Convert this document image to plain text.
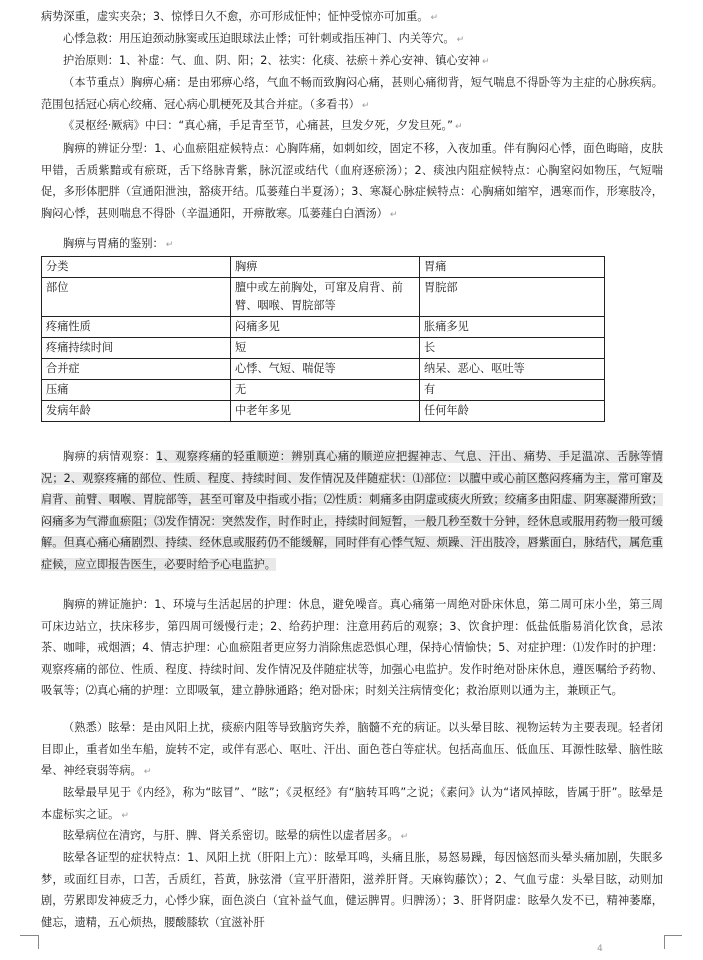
病势深重，虚实夹杂；3、惊悸日久不愈，亦可形成怔忡；怔忡受惊亦可加重。 ↵

心悸急救：用压迫颈动脉窦或压迫眼球法止悸；可针刺或指压神门、内关等穴。 ↵

护治原则：1、补虚：气、血、阴、阳；2、祛实：化痰、祛瘀＋养心安神、镇心安神 ↵

（本节重点）胸痹心痛：是由邪痹心络，气血不畅而致胸闷心痛，甚则心痛彻背，短气喘息不得卧等为主症的心脉疾病。范围包括冠心病心绞痛、冠心病心肌梗死及其合并症。（多看书） ↵

《灵枢经·厥病》中曰：“真心痛，手足青至节，心痛甚，旦发夕死，夕发旦死。” ↵

胸痹的辨证分型：1、心血瘀阻症候特点：心胸阵痛，如刺如绞，固定不移，入夜加重。伴有胸闷心悸，面色晦暗，皮肤甲错，舌质紫黯或有瘀斑，舌下络脉青紫，脉沉涩或结代（血府逐瘀汤）；2、痰浊内阻症候特点：心胸窒闷如物压，气短喘促，多形体肥胖（宣通阳泄浊，豁痰开结。瓜蒌薤白半夏汤）；3、寒凝心脉症候特点：心胸痛如缩窄，遇寒而作，形寒肢冷，胸闷心悸，甚则喘息不得卧（辛温通阳，开痹散寒。瓜蒌薤白白酒汤） ↵

胸痹与胃痛的鉴别： ↵

分类	胸痹	胃痛
部位	膻中或左前胸处，可窜及肩背、前臂、咽喉、胃脘部等	胃脘部
疼痛性质	闷痛多见	胀痛多见
疼痛持续时间	短	长
合并症	心悸、气短、喘促等	纳呆、恶心、呕吐等
压痛	无	有
发病年龄	中老年多见	任何年龄

胸痹的病情观察：1、观察疼痛的轻重顺逆：辨别真心痛的顺逆应把握神志、气息、汗出、痛势、手足温凉、舌脉等情况；2、观察疼痛的部位、性质、程度、持续时间、发作情况及伴随症状：⑴部位：以膻中或心前区憋闷疼痛为主，常可窜及肩背、前臂、咽喉、胃脘部等，甚至可窜及中指或小指；⑵性质：刺痛多由阴虚或痰火所致；绞痛多由阳虚、阴寒凝滞所致；闷痛多为气滞血瘀阻；⑶发作情况：突然发作，时作时止，持续时间短暂，一般几秒至数十分钟，经休息或服用药物一般可缓解。但真心痛心痛剧烈、持续、经休息或服药仍不能缓解，同时伴有心悸气短、烦躁、汗出肢冷，唇紫面白，脉结代，属危重症候，应立即报告医生，必要时给予心电监护。

胸痹的辨证施护：1、环境与生活起居的护理：休息，避免噪音。真心痛第一周绝对卧床休息，第二周可床小坐，第三周可床边站立，扶床移步，第四周可缓慢行走；2、给药护理：注意用药后的观察；3、饮食护理：低盐低脂易消化饮食，忌浓茶、咖啡，戒烟酒；4、情志护理：心血瘀阻者更应努力消除焦虑恐惧心理，保持心情愉快；5、对症护理：⑴发作时的护理：观察疼痛的部位、性质、程度、持续时间、发作情况及伴随症状等，加强心电监护。发作时绝对卧床休息，遵医嘱给予药物、吸氧等；⑵真心痛的护理：立即吸氧，建立静脉通路；绝对卧床；时刻关注病情变化；救治原则以通为主，兼顾正气。

（熟悉）眩晕：是由风阳上扰，痰瘀内阻等导致脑窍失养，脑髓不充的病证。以头晕目眩、视物运转为主要表现。轻者闭目即止，重者如坐车船，旋转不定，或伴有恶心、呕吐、汗出、面色苍白等症状。包括高血压、低血压、耳源性眩晕、脑性眩晕、神经衰弱等病。 ↵

眩晕最早见于《内经》，称为“眩冒”、“眩”；《灵枢经》有“脑转耳鸣”之说；《素问》认为“诸风掉眩，皆属于肝”。眩晕是本虚标实之证。 ↵

眩晕病位在清窍，与肝、脾、肾关系密切。眩晕的病性以虚者居多。 ↵

眩晕各证型的症状特点：1、风阳上扰（肝阳上亢）：眩晕耳鸣，头痛且胀，易怒易躁，每因恼怒而头晕头痛加剧，失眠多梦，或面红目赤，口苦，舌质红，苔黄，脉弦滑（宣平肝潜阳，滋养肝肾。天麻钩藤饮）；2、气血亏虚：头晕目眩，动则加剧，劳累即发神疲乏力，心悸少寐，面色淡白（宜补益气血，健运脾胃。归脾汤）；3、肝肾阴虚：眩晕久发不已，精神萎靡，健忘，遗精，五心烦热，腰酸膝软（宜滋补肝

4
